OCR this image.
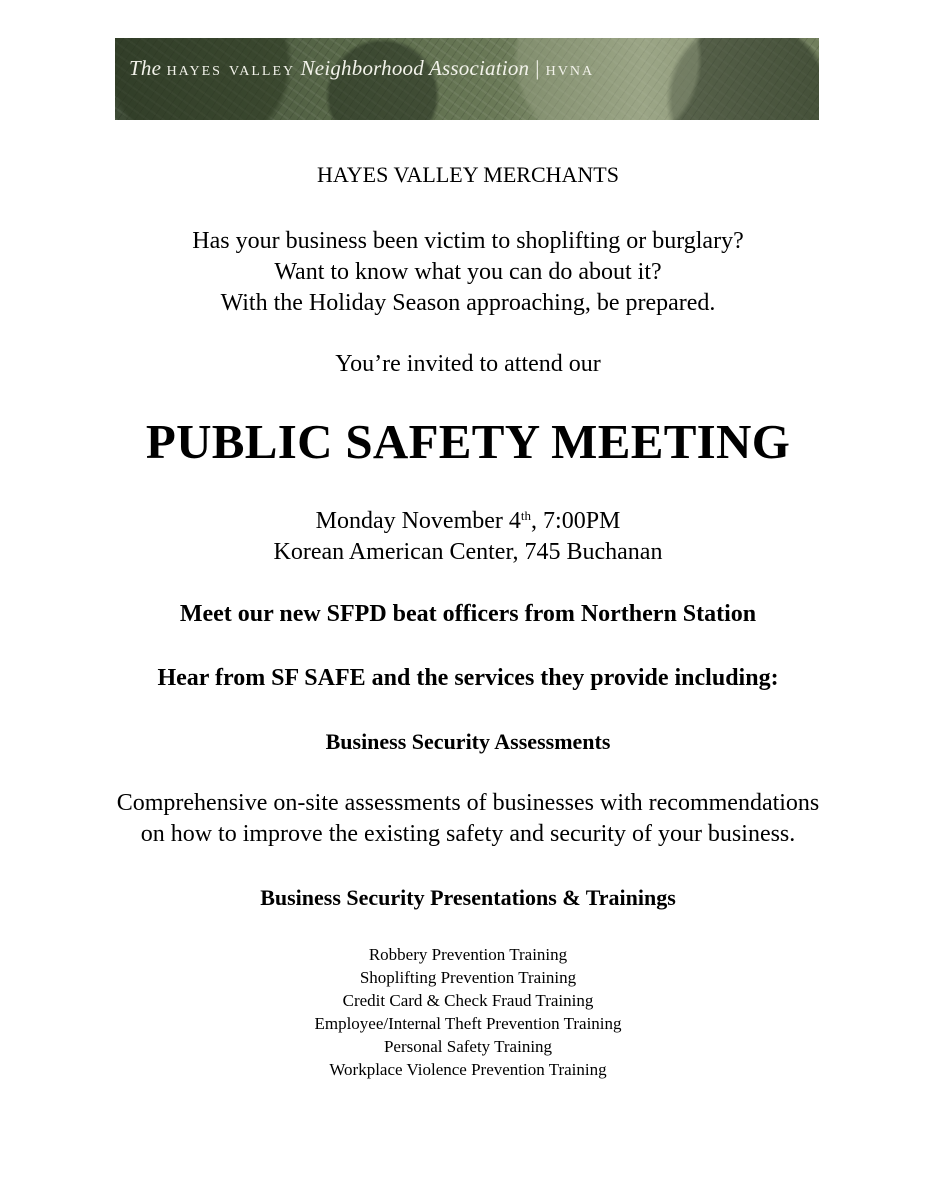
The hayes valley Neighborhood Association | hvna
HAYES VALLEY MERCHANTS
Has your business been victim to shoplifting or burglary?
Want to know what you can do about it?
With the Holiday Season approaching, be prepared.
You’re invited to attend our
PUBLIC SAFETY MEETING
Monday November 4th, 7:00PM
Korean American Center, 745 Buchanan
Meet our new SFPD beat officers from Northern Station
Hear from SF SAFE and the services they provide including:
Business Security Assessments
Comprehensive on-site assessments of businesses with recommendations
on how to improve the existing safety and security of your business.
Business Security Presentations & Trainings
Robbery Prevention Training
Shoplifting Prevention Training
Credit Card & Check Fraud Training
Employee/Internal Theft Prevention Training
Personal Safety Training
Workplace Violence Prevention Training
